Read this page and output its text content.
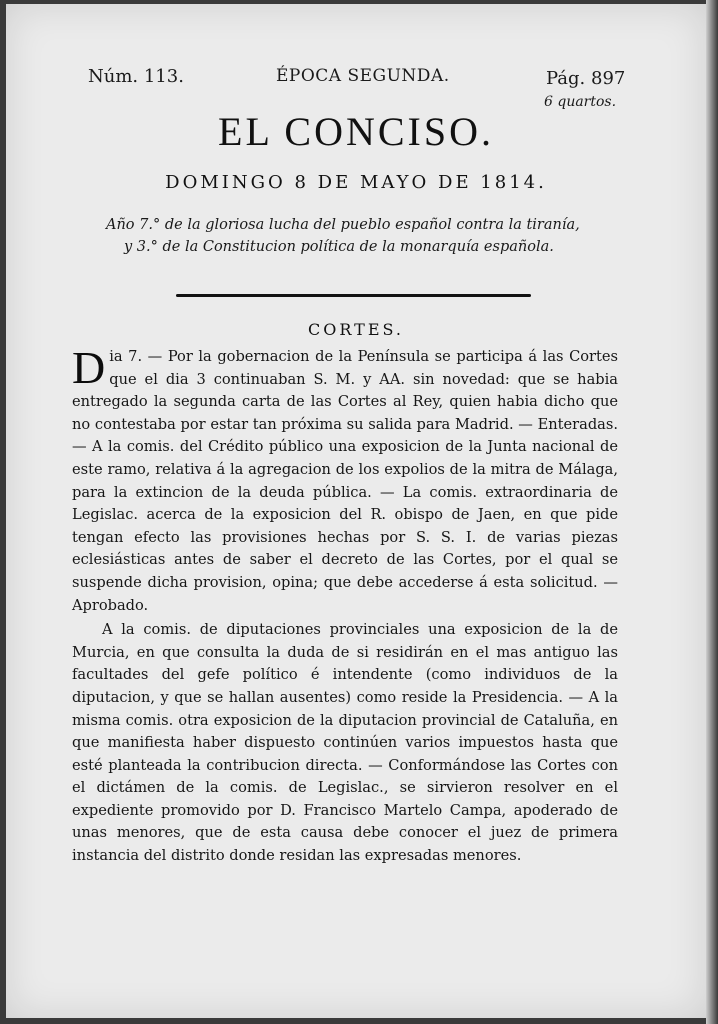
Núm. 113.	ÉPOCA SEGUNDA.	Pág. 897
6 quartos.
EL CONCISO.
DOMINGO 8 DE MAYO DE 1814.
Año 7.° de la gloriosa lucha del pueblo español contra la tiranía,
y 3.° de la Constitucion política de la monarquía española.
CORTES.

Dia 7. — Por la gobernacion de la Península se participa á las Cortes que el dia 3 continuaban S. M. y AA. sin novedad: que se habia entregado la segunda carta de las Cortes al Rey, quien habia dicho que no contestaba por estar tan próxima su salida para Madrid. — Enteradas. — A la comis. del Crédito público una exposicion de la Junta nacional de este ramo, relativa á la agregacion de los expolios de la mitra de Málaga, para la extincion de la deuda pública. — La comis. extraordinaria de Legislac. acerca de la exposicion del R. obispo de Jaen, en que pide tengan efecto las provisiones hechas por S. S. I. de varias piezas eclesiásticas antes de saber el decreto de las Cortes, por el qual se suspende dicha provision, opina; que debe accederse á esta solicitud. — Aprobado.

A la comis. de diputaciones provinciales una exposicion de la de Murcia, en que consulta la duda de si residirán en el mas antiguo las facultades del gefe político é intendente (como individuos de la diputacion, y que se hallan ausentes) como reside la Presidencia. — A la misma comis. otra exposicion de la diputacion provincial de Cataluña, en que manifiesta haber dispuesto continúen varios impuestos hasta que esté planteada la contribucion directa. — Conformándose las Cortes con el dictámen de la comis. de Legislac., se sirvieron resolver en el expediente promovido por D. Francisco Martelo Campa, apoderado de unas menores, que de esta causa debe conocer el juez de primera instancia del distrito donde residan las expresadas menores.
